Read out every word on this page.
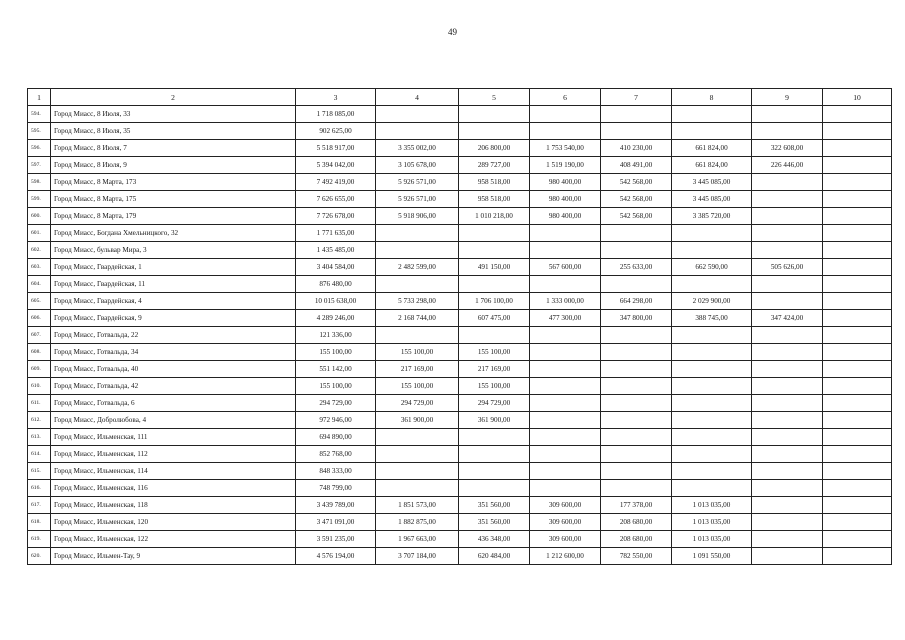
49
1	2	3	4	5	6	7	8	9	10
594.	Город Миасс, 8 Июля, 33	1 718 085,00							
595.	Город Миасс, 8 Июля, 35	902 625,00							
596.	Город Миасс, 8 Июля, 7	5 518 917,00	3 355 002,00	206 800,00	1 753 540,00	410 230,00	661 824,00	322 608,00	
597.	Город Миасс, 8 Июля, 9	5 394 042,00	3 105 678,00	289 727,00	1 519 190,00	408 491,00	661 824,00	226 446,00	
598.	Город Миасс, 8 Марта, 173	7 492 419,00	5 926 571,00	958 518,00	980 400,00	542 568,00	3 445 085,00		
599.	Город Миасс, 8 Марта, 175	7 626 655,00	5 926 571,00	958 518,00	980 400,00	542 568,00	3 445 085,00		
600.	Город Миасс, 8 Марта, 179	7 726 678,00	5 918 906,00	1 010 218,00	980 400,00	542 568,00	3 385 720,00		
601.	Город Миасс, Богдана Хмельницкого, 32	1 771 635,00							
602.	Город Миасс, бульвар Мира, 3	1 435 485,00							
603.	Город Миасс, Гвардейская, 1	3 404 584,00	2 482 599,00	491 150,00	567 600,00	255 633,00	662 590,00	505 626,00	
604.	Город Миасс, Гвардейская, 11	876 480,00							
605.	Город Миасс, Гвардейская, 4	10 015 638,00	5 733 298,00	1 706 100,00	1 333 000,00	664 298,00	2 029 900,00		
606.	Город Миасс, Гвардейская, 9	4 289 246,00	2 168 744,00	607 475,00	477 300,00	347 800,00	388 745,00	347 424,00	
607.	Город Миасс, Готвальда, 22	121 336,00							
608.	Город Миасс, Готвальда, 34	155 100,00	155 100,00	155 100,00					
609.	Город Миасс, Готвальда, 40	551 142,00	217 169,00	217 169,00					
610.	Город Миасс, Готвальда, 42	155 100,00	155 100,00	155 100,00					
611.	Город Миасс, Готвальда, 6	294 729,00	294 729,00	294 729,00					
612.	Город Миасс, Добролюбова, 4	972 946,00	361 900,00	361 900,00					
613.	Город Миасс, Ильменская, 111	694 890,00							
614.	Город Миасс, Ильменская, 112	852 768,00							
615.	Город Миасс, Ильменская, 114	848 333,00							
616.	Город Миасс, Ильменская, 116	748 799,00							
617.	Город Миасс, Ильменская, 118	3 439 789,00	1 851 573,00	351 560,00	309 600,00	177 378,00	1 013 035,00		
618.	Город Миасс, Ильменская, 120	3 471 091,00	1 882 875,00	351 560,00	309 600,00	208 680,00	1 013 035,00		
619.	Город Миасс, Ильменская, 122	3 591 235,00	1 967 663,00	436 348,00	309 600,00	208 680,00	1 013 035,00		
620.	Город Миасс, Ильмен-Тау, 9	4 576 194,00	3 707 184,00	620 484,00	1 212 600,00	782 550,00	1 091 550,00		
